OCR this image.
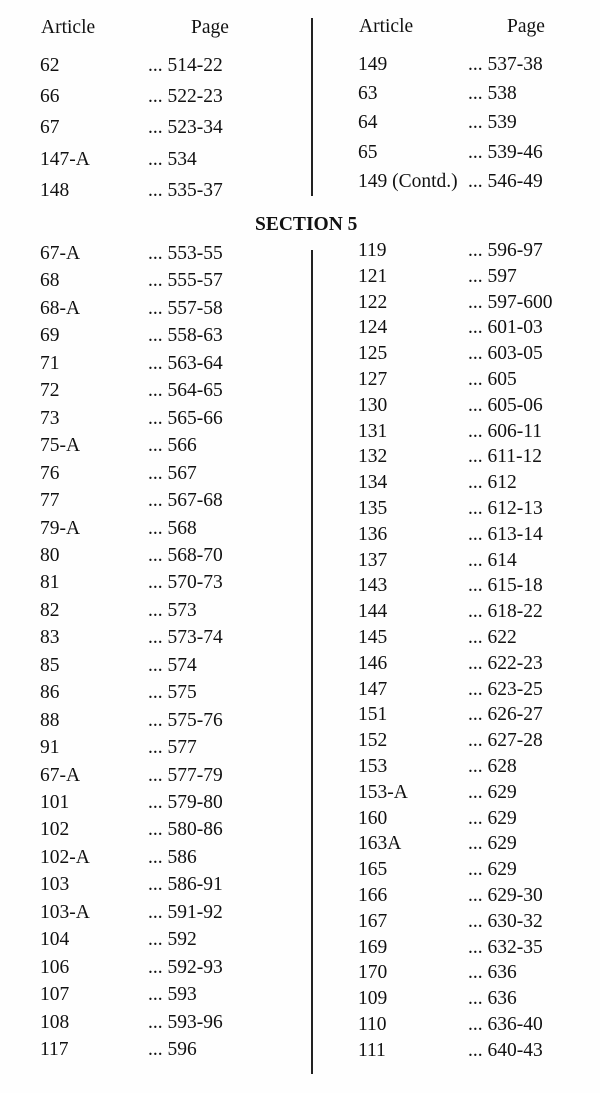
Article	Page	Article	Page
62	... 514-22
66	... 522-23
67	... 523-34
147-A	... 534
148	... 535-37
149	... 537-38
63	... 538
64	... 539
65	... 539-46
149 (Contd.) ... 546-49
SECTION 5
67-A	... 553-55
68	... 555-57
68-A	... 557-58
69	... 558-63
71	... 563-64
72	... 564-65
73	... 565-66
75-A	... 566
76	... 567
77	... 567-68
79-A	... 568
80	... 568-70
81	... 570-73
82	... 573
83	... 573-74
85	... 574
86	... 575
88	... 575-76
91	... 577
67-A	... 577-79
101	... 579-80
102	... 580-86
102-A	... 586
103	... 586-91
103-A	... 591-92
104	... 592
106	... 592-93
107	... 593
108	... 593-96
117	... 596
119	... 596-97
121	... 597
122	... 597-600
124	... 601-03
125	... 603-05
127	... 605
130	... 605-06
131	... 606-11
132	... 611-12
134	... 612
135	... 612-13
136	... 613-14
137	... 614
143	... 615-18
144	... 618-22
145	... 622
146	... 622-23
147	... 623-25
151	... 626-27
152	... 627-28
153	... 628
153-A	... 629
160	... 629
163A	... 629
165	... 629
166	... 629-30
167	... 630-32
169	... 632-35
170	... 636
109	... 636
110	... 636-40
111	... 640-43
